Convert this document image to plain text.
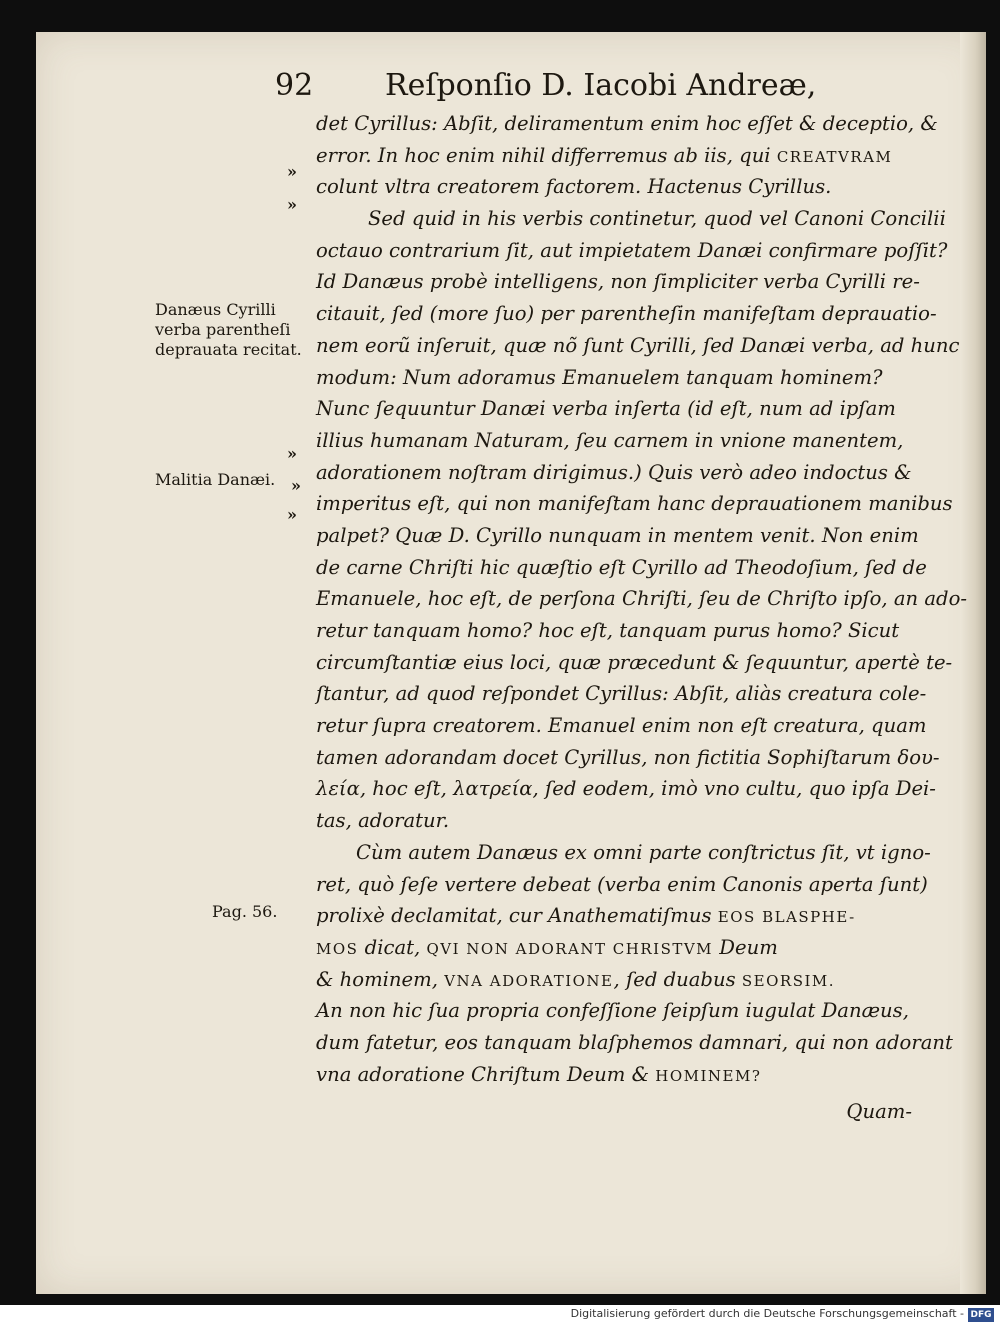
92 Reſponſio D. Iacobi Andreæ,
»
»
»
»
»
Danæus Cyrilli
verba parentheſi
deprauata recitat.
Malitia Danæi.
Pag. 56.
det Cyrillus: Abſit, deliramentum enim hoc eſſet & deceptio, &
error. In hoc enim nihil differremus ab iis, qui CREATVRAM
colunt vltra creatorem factorem. Hactenus Cyrillus.
Sed quid in his verbis continetur, quod vel Canoni Concilii
octauo contrarium ſit, aut impietatem Danæi confirmare poſſit?
Id Danæus probè intelligens, non ſimpliciter verba Cyrilli re-
citauit, ſed (more ſuo) per parentheſin manifeſtam deprauatio-
nem eorũ inſeruit, quæ nõ ſunt Cyrilli, ſed Danæi verba, ad hunc
modum: Num adoramus Emanuelem tanquam hominem?
Nunc ſequuntur Danæi verba inſerta (id eſt, num ad ipſam
illius humanam Naturam, ſeu carnem in vnione manentem,
adorationem noſtram dirigimus.) Quis verò adeo indoctus &
imperitus eſt, qui non manifeſtam hanc deprauationem manibus
palpet? Quæ D. Cyrillo nunquam in mentem venit. Non enim
de carne Chriſti hic quæſtio eſt Cyrillo ad Theodoſium, ſed de
Emanuele, hoc eſt, de perſona Chriſti, ſeu de Chriſto ipſo, an ado-
retur tanquam homo? hoc eſt, tanquam purus homo? Sicut
circumſtantiæ eius loci, quæ præcedunt & ſequuntur, apertè te-
ſtantur, ad quod reſpondet Cyrillus: Abſit, aliàs creatura cole-
retur ſupra creatorem. Emanuel enim non eſt creatura, quam
tamen adorandam docet Cyrillus, non fictitia Sophiſtarum δου-
λεία, hoc eſt, λατρεία, ſed eodem, imò vno cultu, quo ipſa Dei-
tas, adoratur.
Cùm autem Danæus ex omni parte conſtrictus ſit, vt igno-
ret, quò ſeſe vertere debeat (verba enim Canonis aperta ſunt)
prolixè declamitat, cur Anathematiſmus EOS BLASPHE-
MOS dicat, QVI NON ADORANT CHRISTVM Deum
& hominem, VNA ADORATIONE, ſed duabus SEORSIM.
An non hic ſua propria confeſſione ſeipſum iugulat Danæus,
dum fatetur, eos tanquam blaſphemos damnari, qui non adorant
vna adoratione Chriſtum Deum & HOMINEM?
Quam-
Digitalisierung gefördert durch die Deutsche Forschungsgemeinschaft - DFG
